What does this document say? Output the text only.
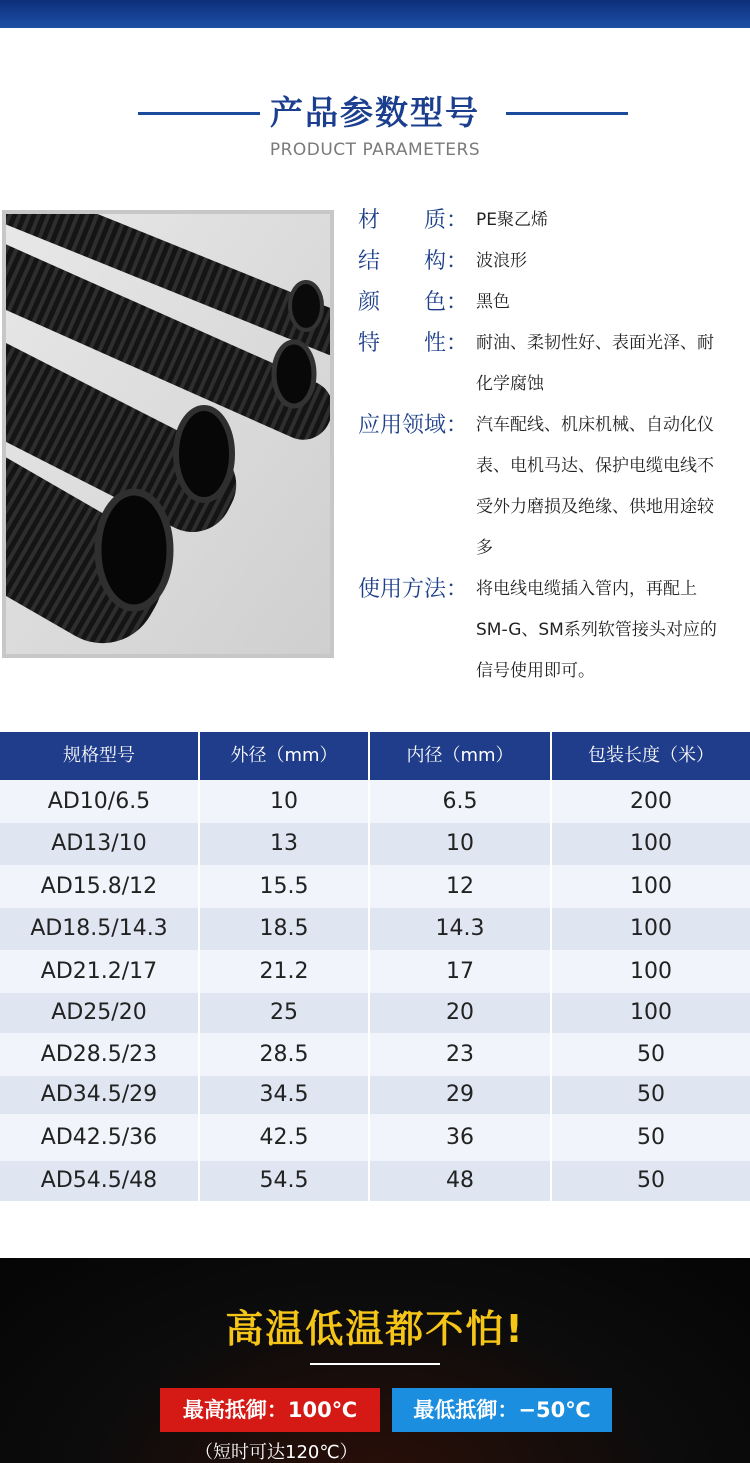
产品参数型号
PRODUCT PARAMETERS
材　　质： PE聚乙烯
结　　构： 波浪形
颜　　色： 黑色
特　　性： 耐油、柔韧性好、表面光泽、耐化学腐蚀
应用领域： 汽车配线、机床机械、自动化仪表、电机马达、保护电缆电线不受外力磨损及绝缘、供地用途较多
使用方法： 将电线电缆插入管内，再配上SM-G、SM系列软管接头对应的信号使用即可。
规格型号	外径（mm）	内径（mm）	包装长度（米）
AD10/6.5	10	6.5	200
AD13/10	13	10	100
AD15.8/12	15.5	12	100
AD18.5/14.3	18.5	14.3	100
AD21.2/17	21.2	17	100
AD25/20	25	20	100
AD28.5/23	28.5	23	50
AD34.5/29	34.5	29	50
AD42.5/36	42.5	36	50
AD54.5/48	54.5	48	50
高温低温都不怕!
最高抵御：100℃	最低抵御：−50℃
（短时可达120℃）
